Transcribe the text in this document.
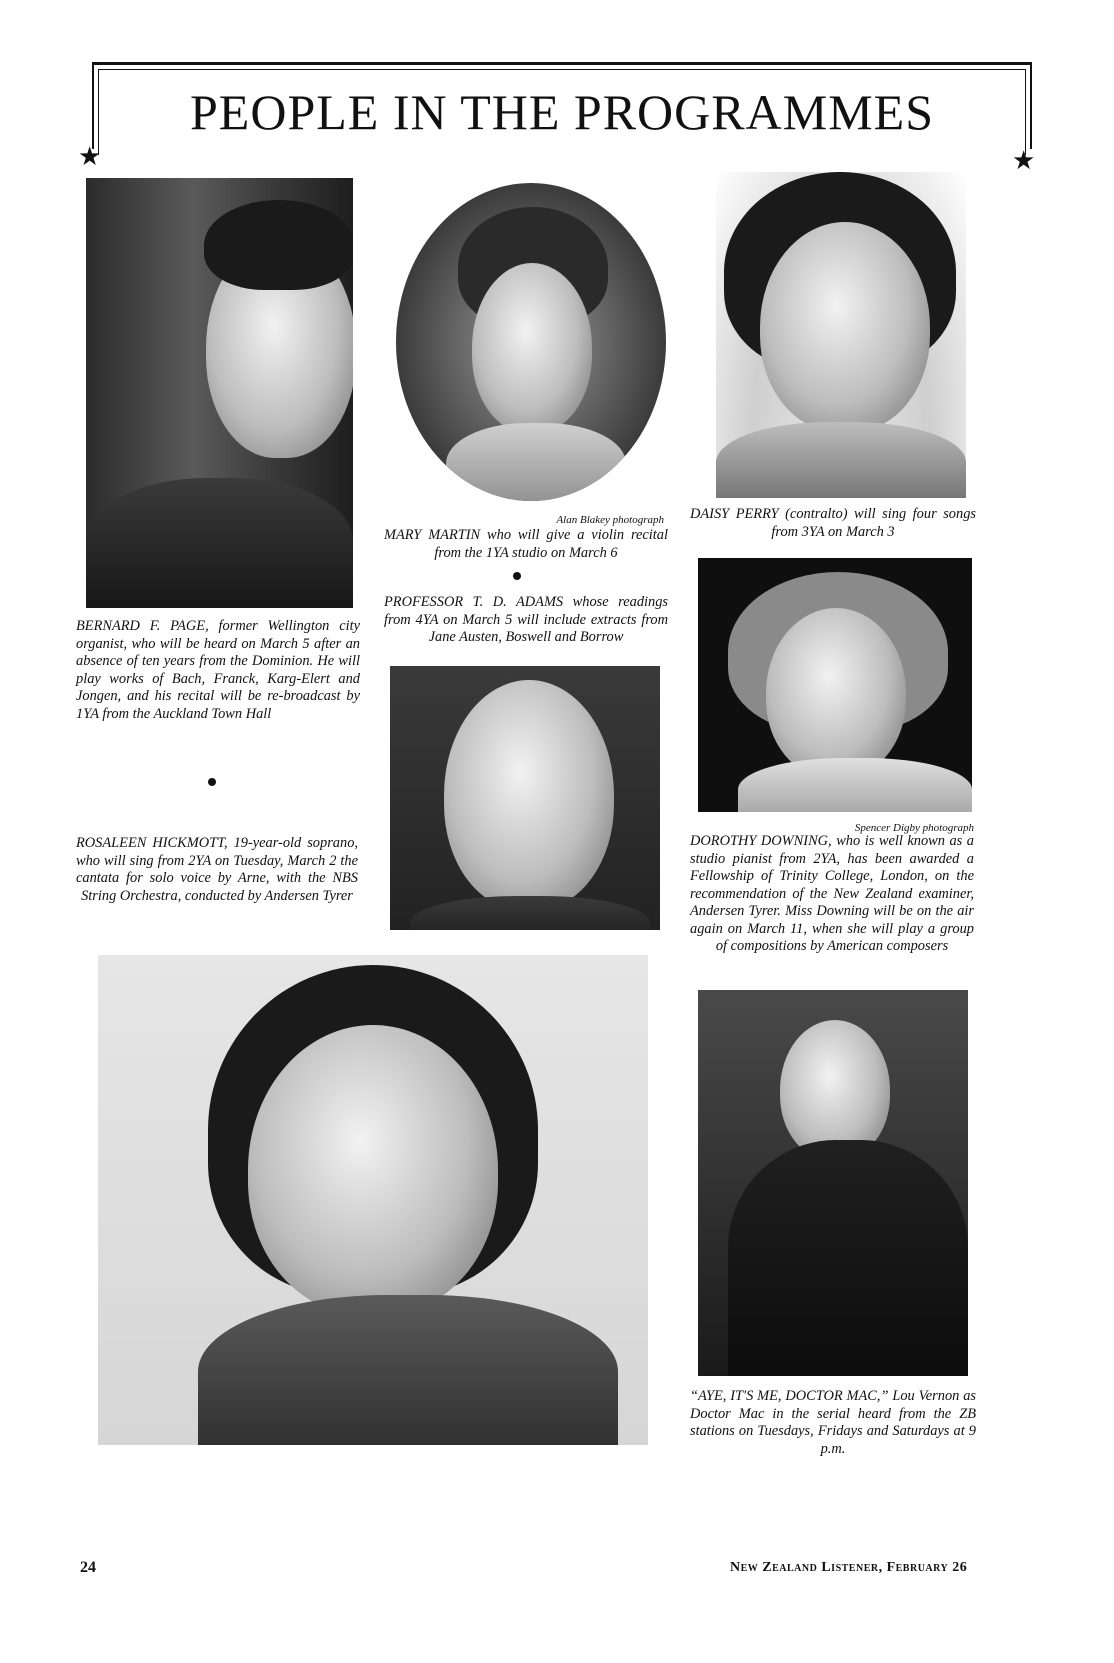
PEOPLE IN THE PROGRAMMES
★	★

BERNARD F. PAGE, former Wellington city organist, who will be heard on March 5 after an absence of ten years from the Dominion. He will play works of Bach, Franck, Karg-Elert and Jongen, and his recital will be re-broadcast by 1YA from the Auckland Town Hall

ROSALEEN HICKMOTT, 19-year-old soprano, who will sing from 2YA on Tuesday, March 2 the cantata for solo voice by Arne, with the NBS String Orchestra, conducted by Andersen Tyrer

Alan Blakey photograph

MARY MARTIN who will give a violin recital from the 1YA studio on March 6

PROFESSOR T. D. ADAMS whose readings from 4YA on March 5 will include extracts from Jane Austen, Boswell and Borrow

DAISY PERRY (contralto) will sing four songs from 3YA on March 3

Spencer Digby photograph

DOROTHY DOWNING, who is well known as a studio pianist from 2YA, has been awarded a Fellowship of Trinity College, London, on the recommendation of the New Zealand examiner, Andersen Tyrer. Miss Downing will be on the air again on March 11, when she will play a group of compositions by American composers

“AYE, IT'S ME, DOCTOR MAC,” Lou Vernon as Doctor Mac in the serial heard from the ZB stations on Tuesdays, Fridays and Saturdays at 9 p.m.

24	New Zealand Listener, February 26
